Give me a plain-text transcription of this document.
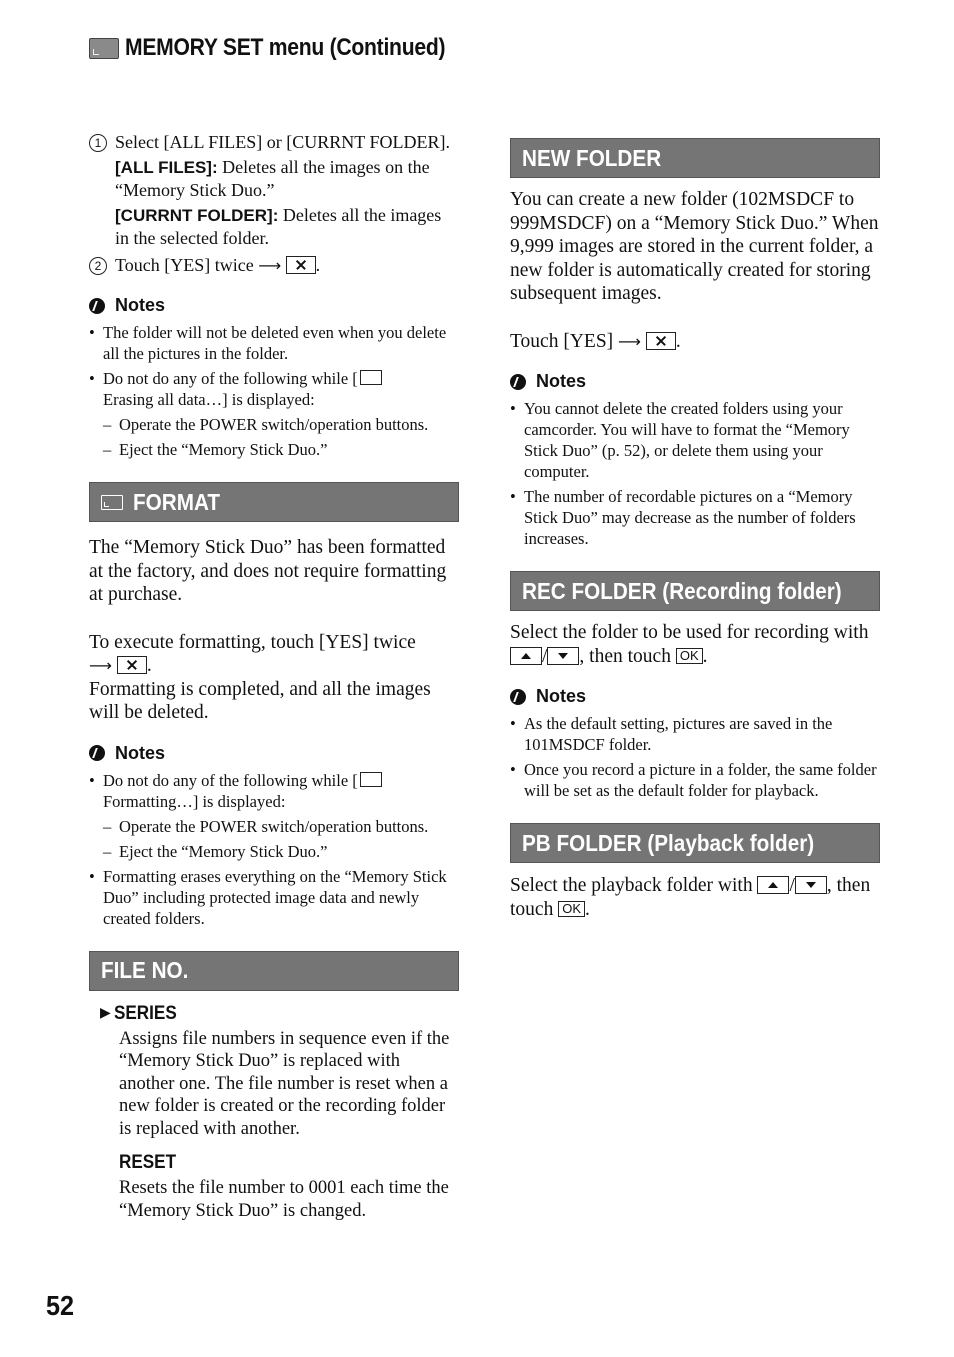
MEMORY SET menu (Continued)
1 Select [ALL FILES] or [CURRNT FOLDER].
[ALL FILES]: Deletes all the images on the “Memory Stick Duo.”
[CURRNT FOLDER]: Deletes all the images in the selected folder.
2 Touch [YES] twice ⟶ .
Notes
• The folder will not be deleted even when you delete all the pictures in the folder.
• Do not do any of the following while [
Erasing all data…] is displayed:
– Operate the POWER switch/operation buttons.
– Eject the “Memory Stick Duo.”
FORMAT

The “Memory Stick Duo” has been formatted at the factory, and does not require formatting at purchase.

To execute formatting, touch [YES] twice
⟶ .
Formatting is completed, and all the images will be deleted.

Notes
• Do not do any of the following while [
Formatting…] is displayed:
– Operate the POWER switch/operation buttons.
– Eject the “Memory Stick Duo.”
• Formatting erases everything on the “Memory Stick Duo” including protected image data and newly created folders.
FILE NO.
▶ SERIES
Assigns file numbers in sequence even if the “Memory Stick Duo” is replaced with another one. The file number is reset when a new folder is created or the recording folder is replaced with another.
RESET
Resets the file number to 0001 each time the “Memory Stick Duo” is changed.
NEW FOLDER

You can create a new folder (102MSDCF to 999MSDCF) on a “Memory Stick Duo.” When 9,999 images are stored in the current folder, a new folder is automatically created for storing subsequent images.

Touch [YES] ⟶ .

Notes
• You cannot delete the created folders using your camcorder. You will have to format the “Memory Stick Duo” (p. 52), or delete them using your computer.
• The number of recordable pictures on a “Memory Stick Duo” may decrease as the number of folders increases.
REC FOLDER (Recording folder)

Select the folder to be used for recording with / , then touch OK .

Notes
• As the default setting, pictures are saved in the 101MSDCF folder.
• Once you record a picture in a folder, the same folder will be set as the default folder for playback.
PB FOLDER (Playback folder)

Select the playback folder with / , then touch OK .

52
